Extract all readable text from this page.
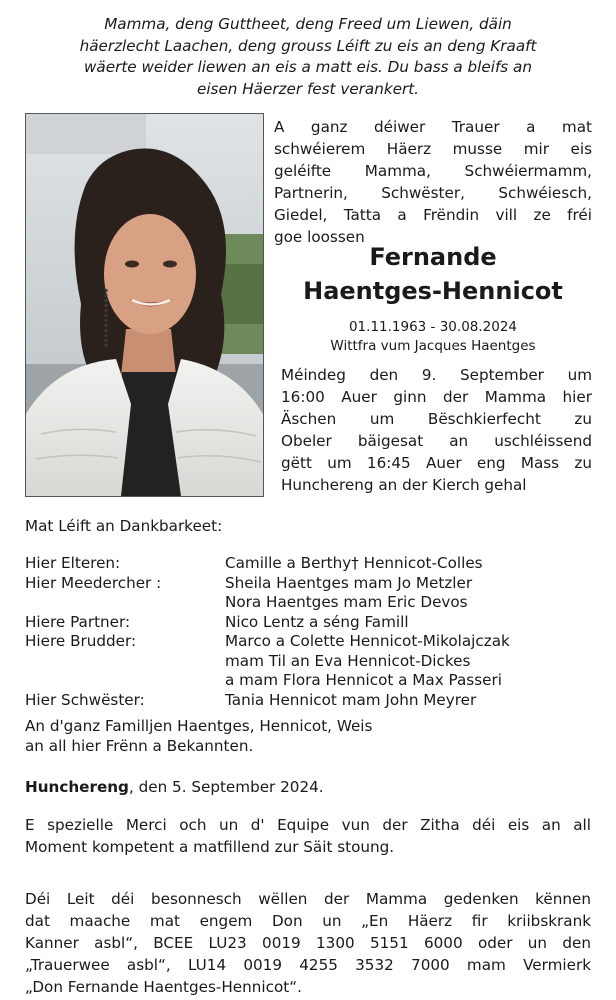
Mamma, deng Guttheet, deng Freed um Liewen, däin
häerzlecht Laachen, deng grouss Léift zu eis an deng Kraaft
wäerte weider liewen an eis a matt eis. Du bass a bleifs an
eisen Häerzer fest verankert.
A ganz déiwer Trauer a mat
schwéierem Häerz musse mir eis
geléifte Mamma, Schwéiermamm,
Partnerin, Schwëster, Schwéiesch,
Giedel, Tatta a Frëndin vill ze fréi
goe loossen
Fernande
Haentges-Hennicot
01.11.1963 - 30.08.2024
Wittfra vum Jacques Haentges
Méindeg den 9. September um
16:00 Auer ginn der Mamma hier
Äschen um Bëschkierfecht zu
Obeler bäigesat an uschléissend
gëtt um 16:45 Auer eng Mass zu
Hunchereng an der Kierch gehal
Mat Léift an Dankbarkeet:
Hier Elteren:	Camille a Berthy† Hennicot-Colles
Hier Meedercher :	Sheila Haentges mam Jo Metzler
Nora Haentges mam Eric Devos
Hiere Partner:	Nico Lentz a séng Famill
Hiere Brudder:	Marco a Colette Hennicot-Mikolajczak
mam Til an Eva Hennicot-Dickes
a mam Flora Hennicot a Max Passeri
Hier Schwëster:	Tania Hennicot mam John Meyrer
An d'ganz Familljen Haentges, Hennicot, Weis
an all hier Frënn a Bekannten.
Hunchereng, den 5. September 2024.
E spezielle Merci och un d' Equipe vun der Zitha déi eis an all
Moment kompetent a matfillend zur Säit stoung.
Déi Leit déi besonnesch wëllen der Mamma gedenken kënnen
dat maache mat engem Don un „En Häerz fir kriibskrank
Kanner asbl“, BCEE LU23 0019 1300 5151 6000 oder un den
„Trauerwee asbl“, LU14 0019 4255 3532 7000 mam Vermierk
„Don Fernande Haentges-Hennicot“.
